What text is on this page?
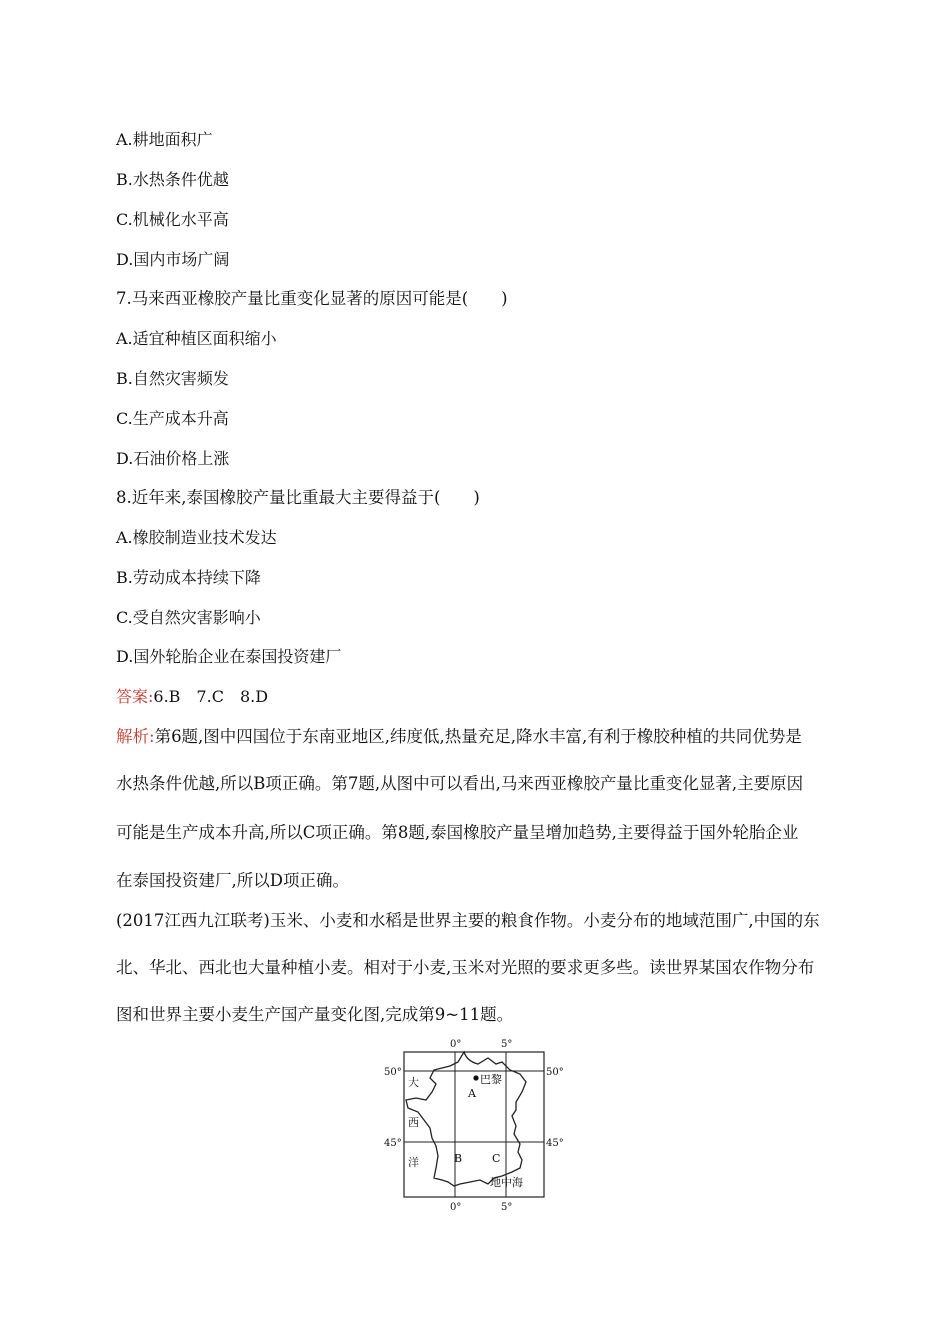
A.耕地面积广
B.水热条件优越
C.机械化水平高
D.国内市场广阔
7.马来西亚橡胶产量比重变化显著的原因可能是(　　)
A.适宜种植区面积缩小
B.自然灾害频发
C.生产成本升高
D.石油价格上涨
8.近年来,泰国橡胶产量比重最大主要得益于(　　)
A.橡胶制造业技术发达
B.劳动成本持续下降
C.受自然灾害影响小
D.国外轮胎企业在泰国投资建厂
答案:6.B　7.C　8.D
解析:第6题,图中四国位于东南亚地区,纬度低,热量充足,降水丰富,有利于橡胶种植的共同优势是
水热条件优越,所以B项正确。第7题,从图中可以看出,马来西亚橡胶产量比重变化显著,主要原因
可能是生产成本升高,所以C项正确。第8题,泰国橡胶产量呈增加趋势,主要得益于国外轮胎企业
在泰国投资建厂,所以D项正确。
(2017江西九江联考)玉米、小麦和水稻是世界主要的粮食作物。小麦分布的地域范围广,中国的东
北、华北、西北也大量种植小麦。相对于小麦,玉米对光照的要求更多些。读世界某国农作物分布
图和世界主要小麦生产国产量变化图,完成第9~11题。
巴黎
A
B	C
大
西
洋
地中海
0°	5°
0°	5°
50°
45°
50°
45°
